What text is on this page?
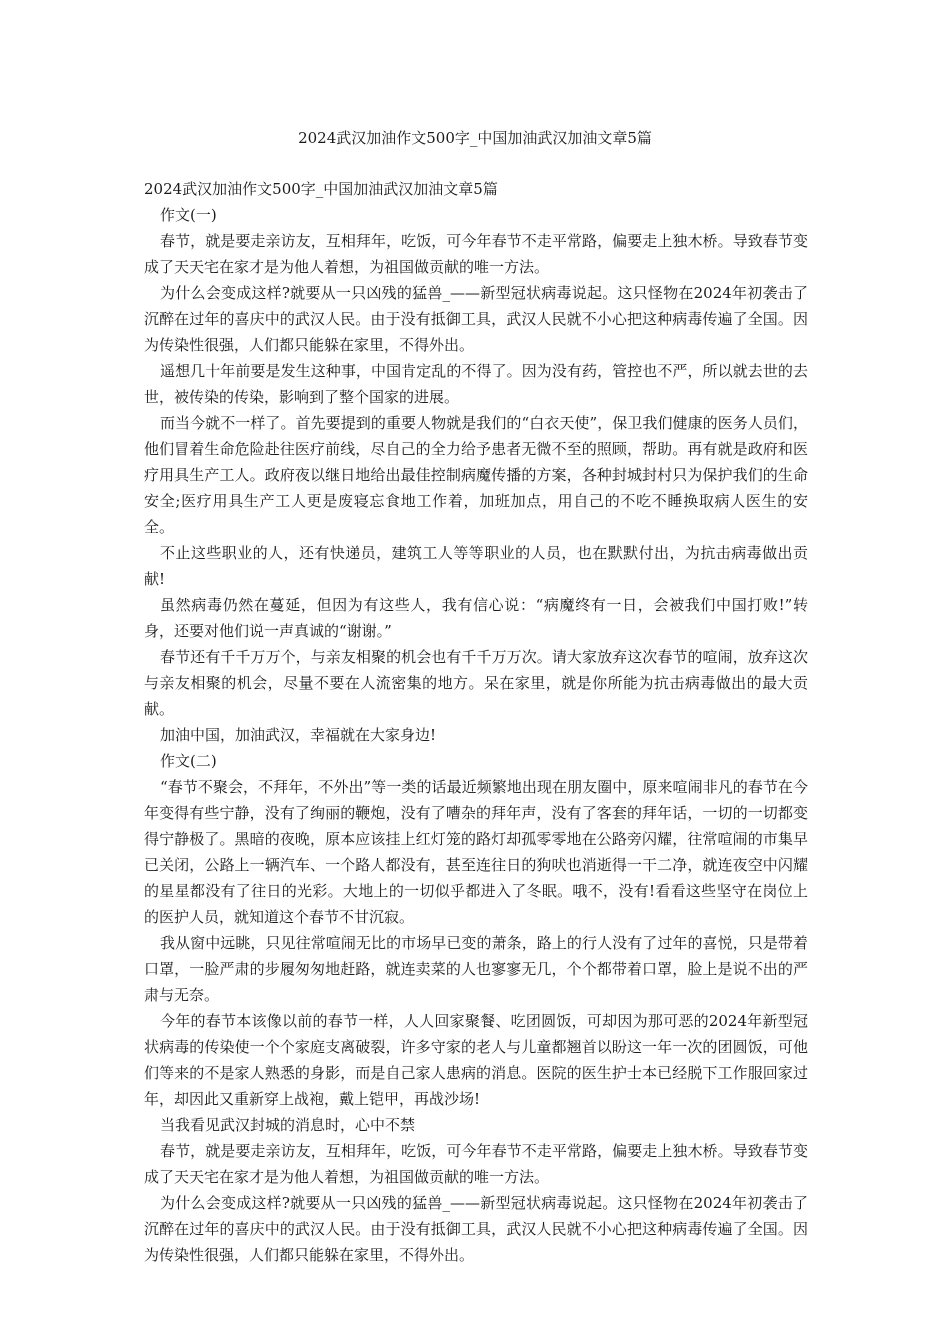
2024武汉加油作文500字_中国加油武汉加油文章5篇

2024武汉加油作文500字_中国加油武汉加油文章5篇

作文(一)

春节，就是要走亲访友，互相拜年，吃饭，可今年春节不走平常路，偏要走上独木桥。导致春节变成了天天宅在家才是为他人着想，为祖国做贡献的唯一方法。

为什么会变成这样?就要从一只凶残的猛兽_——新型冠状病毒说起。这只怪物在2024年初袭击了沉醉在过年的喜庆中的武汉人民。由于没有抵御工具，武汉人民就不小心把这种病毒传遍了全国。因为传染性很强，人们都只能躲在家里，不得外出。

遥想几十年前要是发生这种事，中国肯定乱的不得了。因为没有药，管控也不严，所以就去世的去世，被传染的传染，影响到了整个国家的进展。

而当今就不一样了。首先要提到的重要人物就是我们的“白衣天使”，保卫我们健康的医务人员们，他们冒着生命危险赴往医疗前线，尽自己的全力给予患者无微不至的照顾，帮助。再有就是政府和医疗用具生产工人。政府夜以继日地给出最佳控制病魔传播的方案，各种封城封村只为保护我们的生命安全;医疗用具生产工人更是废寝忘食地工作着，加班加点，用自己的不吃不睡换取病人医生的安全。

不止这些职业的人，还有快递员，建筑工人等等职业的人员，也在默默付出，为抗击病毒做出贡献!

虽然病毒仍然在蔓延，但因为有这些人，我有信心说：“病魔终有一日，会被我们中国打败!”转身，还要对他们说一声真诚的“谢谢。”

春节还有千千万万个，与亲友相聚的机会也有千千万万次。请大家放弃这次春节的喧闹，放弃这次与亲友相聚的机会，尽量不要在人流密集的地方。呆在家里，就是你所能为抗击病毒做出的最大贡献。

加油中国，加油武汉，幸福就在大家身边!

作文(二)

“春节不聚会，不拜年，不外出”等一类的话最近频繁地出现在朋友圈中，原来喧闹非凡的春节在今年变得有些宁静，没有了绚丽的鞭炮，没有了嘈杂的拜年声，没有了客套的拜年话，一切的一切都变得宁静极了。黑暗的夜晚，原本应该挂上红灯笼的路灯却孤零零地在公路旁闪耀，往常喧闹的市集早已关闭，公路上一辆汽车、一个路人都没有，甚至连往日的狗吠也消逝得一干二净，就连夜空中闪耀的星星都没有了往日的光彩。大地上的一切似乎都进入了冬眠。哦不，没有!看看这些坚守在岗位上的医护人员，就知道这个春节不甘沉寂。

我从窗中远眺，只见往常喧闹无比的市场早已变的萧条，路上的行人没有了过年的喜悦，只是带着口罩，一脸严肃的步履匆匆地赶路，就连卖菜的人也寥寥无几，个个都带着口罩，脸上是说不出的严肃与无奈。

今年的春节本该像以前的春节一样，人人回家聚餐、吃团圆饭，可却因为那可恶的2024年新型冠状病毒的传染使一个个家庭支离破裂，许多守家的老人与儿童都翘首以盼这一年一次的团圆饭，可他们等来的不是家人熟悉的身影，而是自己家人患病的消息。医院的医生护士本已经脱下工作服回家过年，却因此又重新穿上战袍，戴上铠甲，再战沙场!

当我看见武汉封城的消息时，心中不禁

春节，就是要走亲访友，互相拜年，吃饭，可今年春节不走平常路，偏要走上独木桥。导致春节变成了天天宅在家才是为他人着想，为祖国做贡献的唯一方法。

为什么会变成这样?就要从一只凶残的猛兽_——新型冠状病毒说起。这只怪物在2024年初袭击了沉醉在过年的喜庆中的武汉人民。由于没有抵御工具，武汉人民就不小心把这种病毒传遍了全国。因为传染性很强，人们都只能躲在家里，不得外出。
